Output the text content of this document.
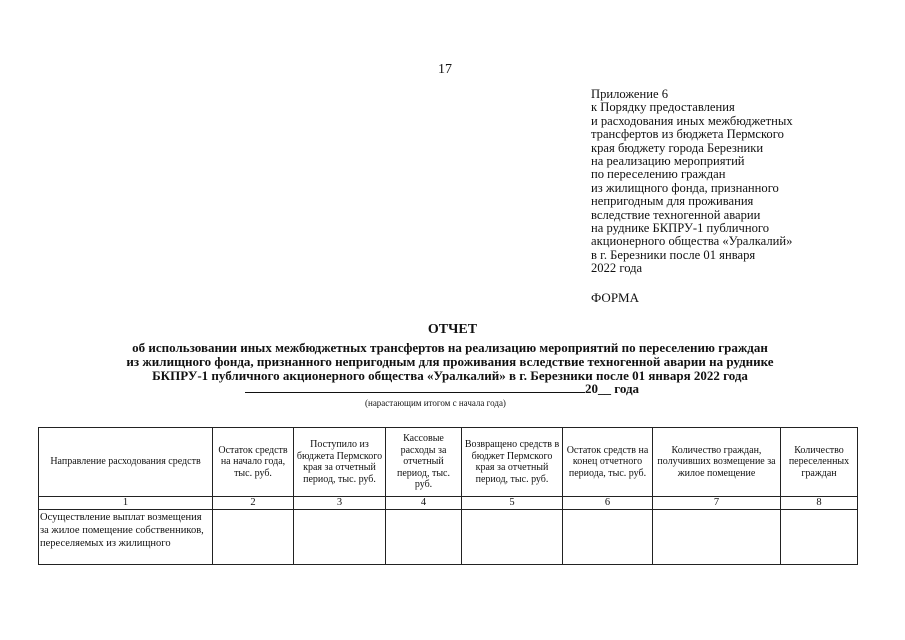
17
Приложение 6
к Порядку предоставления
и расходования иных межбюджетных
трансфертов из бюджета Пермского
края бюджету города Березники
на реализацию мероприятий
по переселению граждан
из жилищного фонда, признанного
непригодным для проживания
вследствие техногенной аварии
на руднике БКПРУ-1 публичного
акционерного общества «Уралкалий»
в г. Березники после 01 января
2022 года
ФОРМА
ОТЧЕТ
об использовании иных межбюджетных трансфертов на реализацию мероприятий по переселению граждан
из жилищного фонда, признанного непригодным для проживания вследствие техногенной аварии на руднике
БКПРУ-1 публичного акционерного общества «Уралкалий» в г. Березники после 01 января 2022 года
20__ года
(нарастающим итогом с начала года)
Направление расходования средств	Остаток средств на начало года, тыс. руб.	Поступило из бюджета Пермского края за отчетный период, тыс. руб.	Кассовые расходы за отчетный период, тыс. руб.	Возвращено средств в бюджет Пермского края за отчетный период, тыс. руб.	Остаток средств на конец отчетного периода, тыс. руб.	Количество граждан, получивших возмещение за жилое помещение	Количество переселенных граждан
1	2	3	4	5	6	7	8
Осуществление выплат возмещения за жилое помещение собственников, переселяемых из жилищного							
